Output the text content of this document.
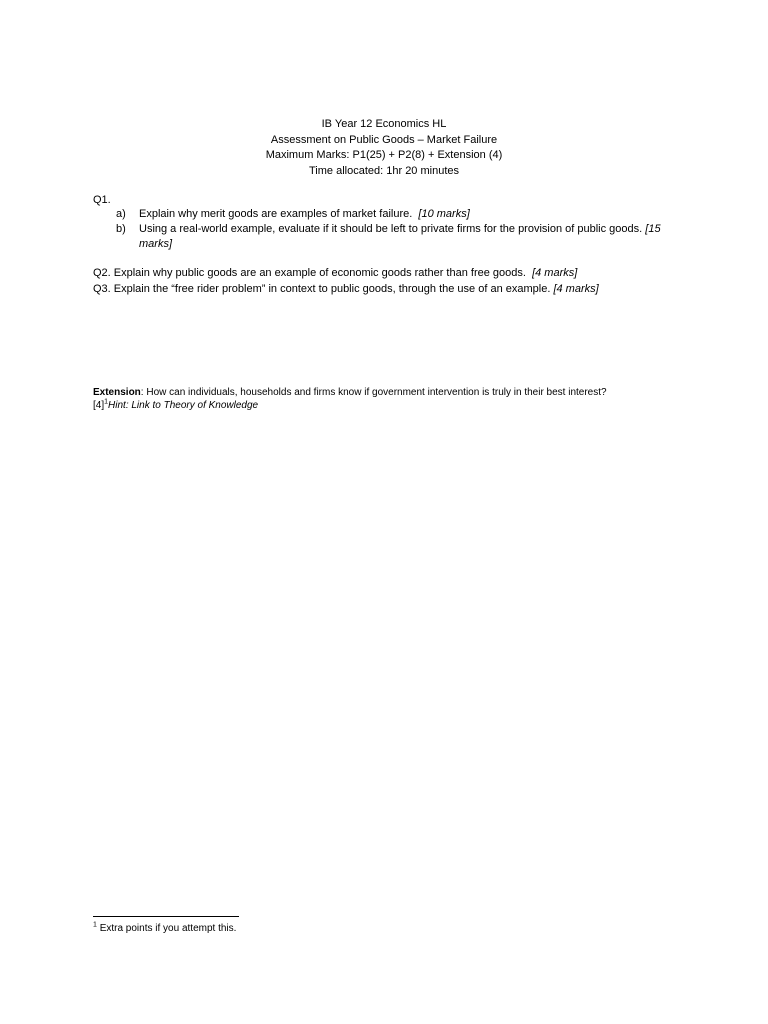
IB Year 12 Economics HL
Assessment on Public Goods – Market Failure
Maximum Marks: P1(25) + P2(8) + Extension (4)
Time allocated: 1hr 20 minutes
Q1.
a) Explain why merit goods are examples of market failure. [10 marks]
b) Using a real-world example, evaluate if it should be left to private firms for the provision of public goods. [15 marks]
Q2. Explain why public goods are an example of economic goods rather than free goods. [4 marks]
Q3. Explain the “free rider problem” in context to public goods, through the use of an example. [4 marks]
Extension: How can individuals, households and firms know if government intervention is truly in their best interest?
$[4]^1Hint$: Link to Theory of Knowledge
$^1$ Extra points if you attempt this.
